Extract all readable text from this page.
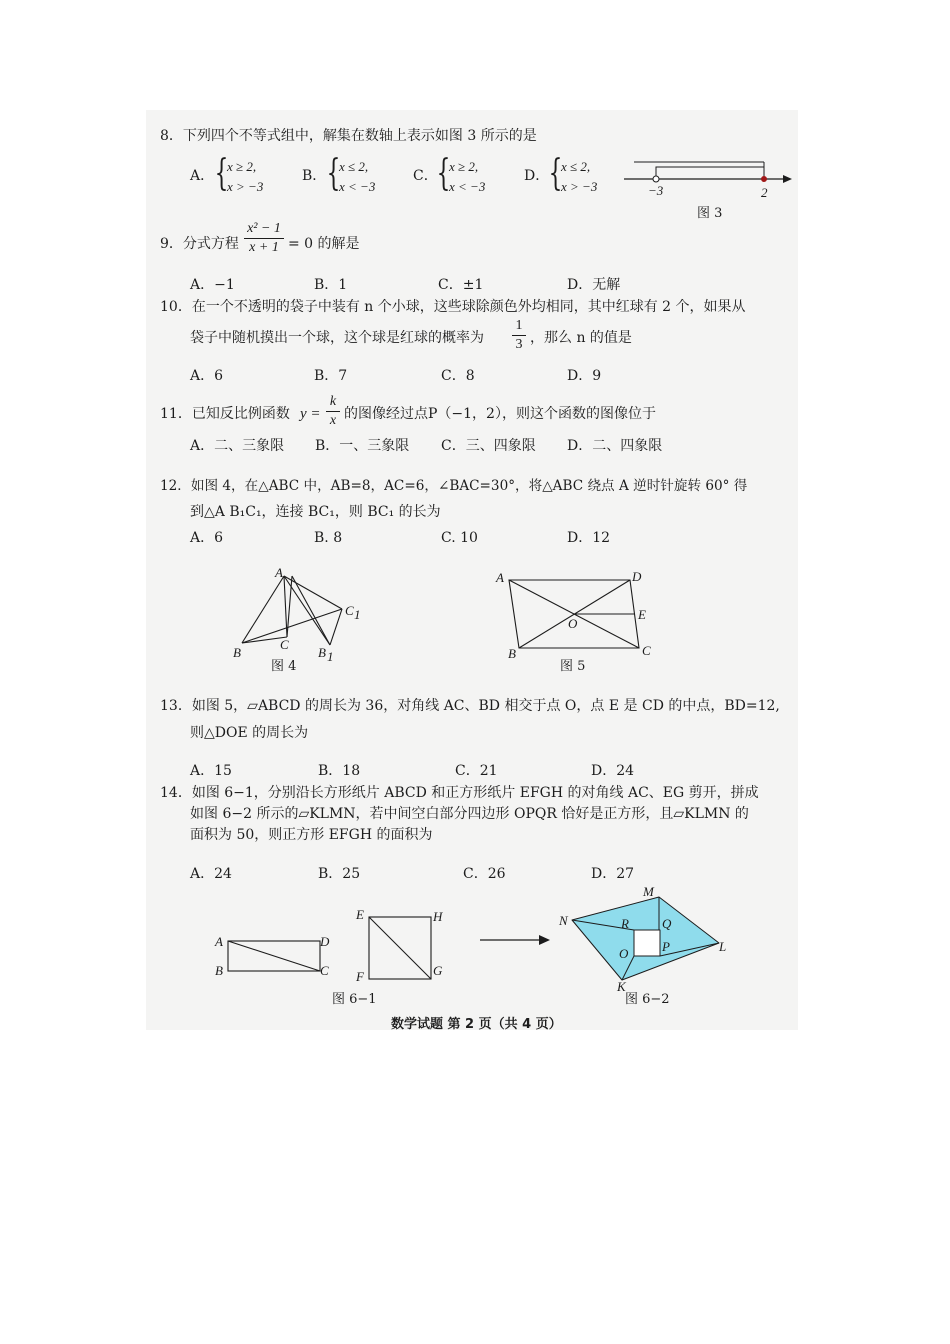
8．下列四个不等式组中，解集在数轴上表示如图 3 所示的是
A． {
x ≥ 2,
x > −3
B． {
x ≤ 2,
x < −3
C．
{
x ≥ 2,
x < −3
D． {
x ≤ 2,
x > −3	−3	2
图 3
9．分式方程
x² − 1
x + 1 = 0 的解是
A．−1	B．1	C．±1	D．无解
10．在一个不透明的袋子中装有 n 个小球，这些球除颜色外均相同，其中红球有 2 个，如果从
袋子中随机摸出一个球，这个球是红球的概率为
1
3 ，那么 n 的值是
A．6	B．7	C．8	D．9
11．已知反比例函数 y =
k
x 的图像经过点P（−1，2），则这个函数的图像位于
A．二、三象限 B．一、三象限 C．三、四象限 D．二、四象限
12．如图 4，在△ABC 中，AB=8，AC=6，∠BAC=30°，将△ABC 绕点 A 逆时针旋转 60° 得
到△A B₁C₁，连接 BC₁，则 BC₁ 的长为
A．6	B. 8	C. 10	D．12
A
B
C
B 1
C 1
图 4
A	D
E
O
B	C
图 5
13．如图 5，▱ABCD 的周长为 36，对角线 AC、BD 相交于点 O，点 E 是 CD 的中点，BD=12,
则△DOE 的周长为
A．15	B．18	C．21	D．24
14．如图 6−1，分别沿长方形纸片 ABCD 和正方形纸片 EFGH 的对角线 AC、EG 剪开，拼成
如图 6−2 所示的▱KLMN，若中间空白部分四边形 OPQR 恰好是正方形，且▱KLMN 的
面积为 50，则正方形 EFGH 的面积为
A．24	B．25	C．26	D．27
A
B	C
D
E
F	G
H
图 6−1
M
N	R	Q
P
O	L
K
图 6−2
数学试题 第 2 页（共 4 页）
